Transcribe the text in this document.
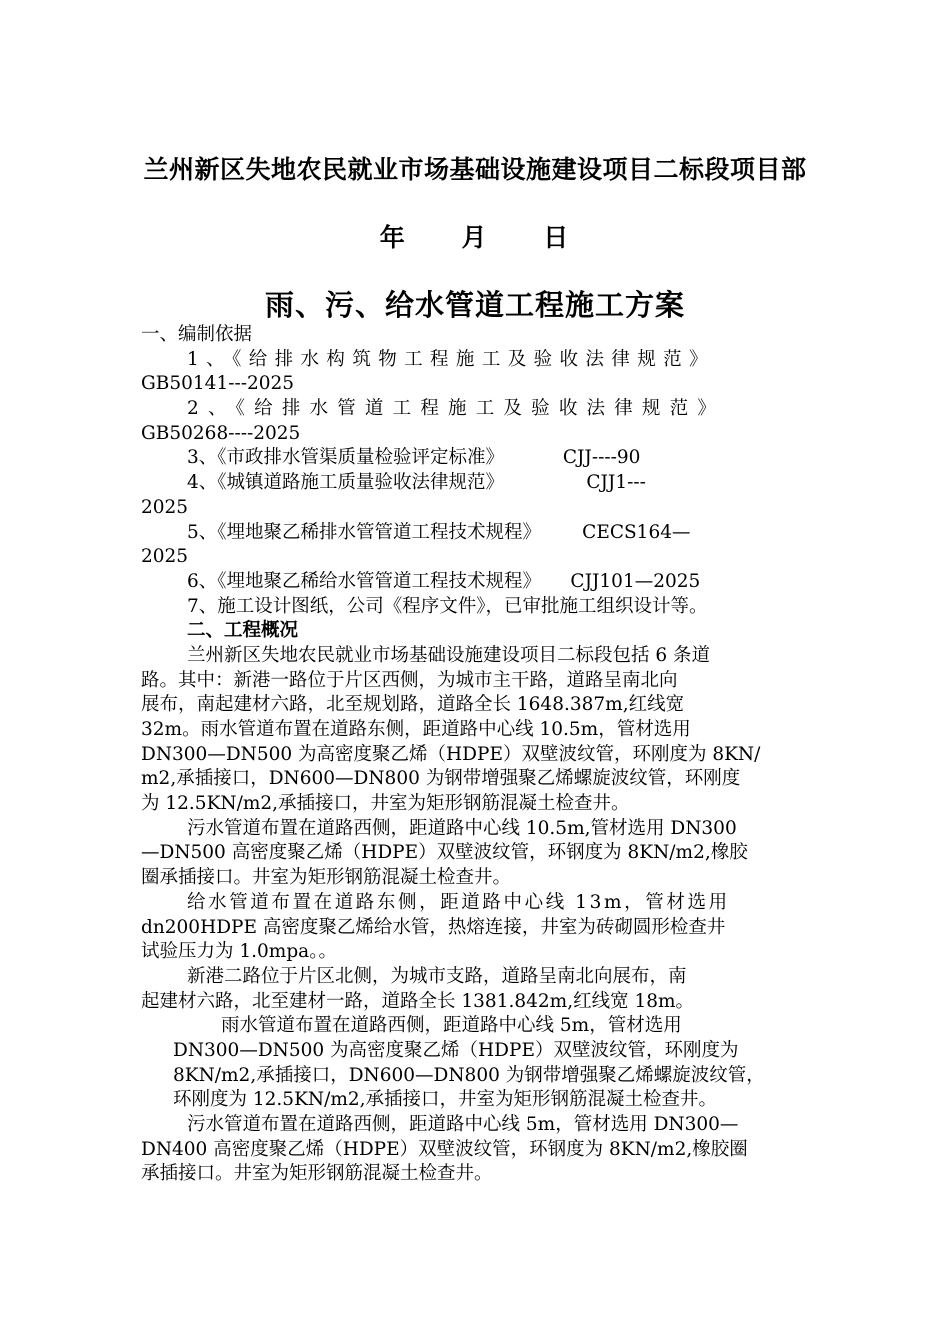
兰州新区失地农民就业市场基础设施建设项目二标段项目部
年 月 日
雨、污、给水管道工程施工方案
一、编制依据
1、《给排水构筑物工程施工及验收法律规范》
GB50141---2025
2、《给排水管道工程施工及验收法律规范》
GB50268----2025
3、《市政排水管渠质量检验评定标准》          CJJ----90
4、《城镇道路施工质量验收法律规范》              CJJ1---
2025
5、《埋地聚乙稀排水管管道工程技术规程》       CECS164—
2025
6、《埋地聚乙稀给水管管道工程技术规程》     CJJ101—2025
7、施工设计图纸，公司《程序文件》，已审批施工组织设计等。
二、工程概况
兰州新区失地农民就业市场基础设施建设项目二标段包括 6 条道
路。其中：新港一路位于片区西侧，为城市主干路，道路呈南北向
展布，南起建材六路，北至规划路，道路全长 1648.387m,红线宽
32m。雨水管道布置在道路东侧，距道路中心线 10.5m，管材选用
DN300—DN500 为高密度聚乙烯（HDPE）双壁波纹管，环刚度为 8KN/
m2,承插接口，DN600—DN800 为钢带增强聚乙烯螺旋波纹管，环刚度
为 12.5KN/m2,承插接口，井室为矩形钢筋混凝土检查井。
污水管道布置在道路西侧，距道路中心线 10.5m,管材选用 DN300
—DN500 高密度聚乙烯（HDPE）双壁波纹管，环钢度为 8KN/m2,橡胶
圈承插接口。井室为矩形钢筋混凝土检查井。
给水管道布置在道路东侧，距道路中心线 13m，管材选用
dn200HDPE 高密度聚乙烯给水管，热熔连接，井室为砖砌圆形检查井
试验压力为 1.0mpa。。
新港二路位于片区北侧，为城市支路，道路呈南北向展布，南
起建材六路，北至建材一路，道路全长 1381.842m,红线宽 18m。
雨水管道布置在道路西侧，距道路中心线 5m，管材选用
DN300—DN500 为高密度聚乙烯（HDPE）双壁波纹管，环刚度为
8KN/m2,承插接口，DN600—DN800 为钢带增强聚乙烯螺旋波纹管，
环刚度为 12.5KN/m2,承插接口，井室为矩形钢筋混凝土检查井。
污水管道布置在道路西侧，距道路中心线 5m，管材选用 DN300—
DN400 高密度聚乙烯（HDPE）双壁波纹管，环钢度为 8KN/m2,橡胶圈
承插接口。井室为矩形钢筋混凝土检查井。
